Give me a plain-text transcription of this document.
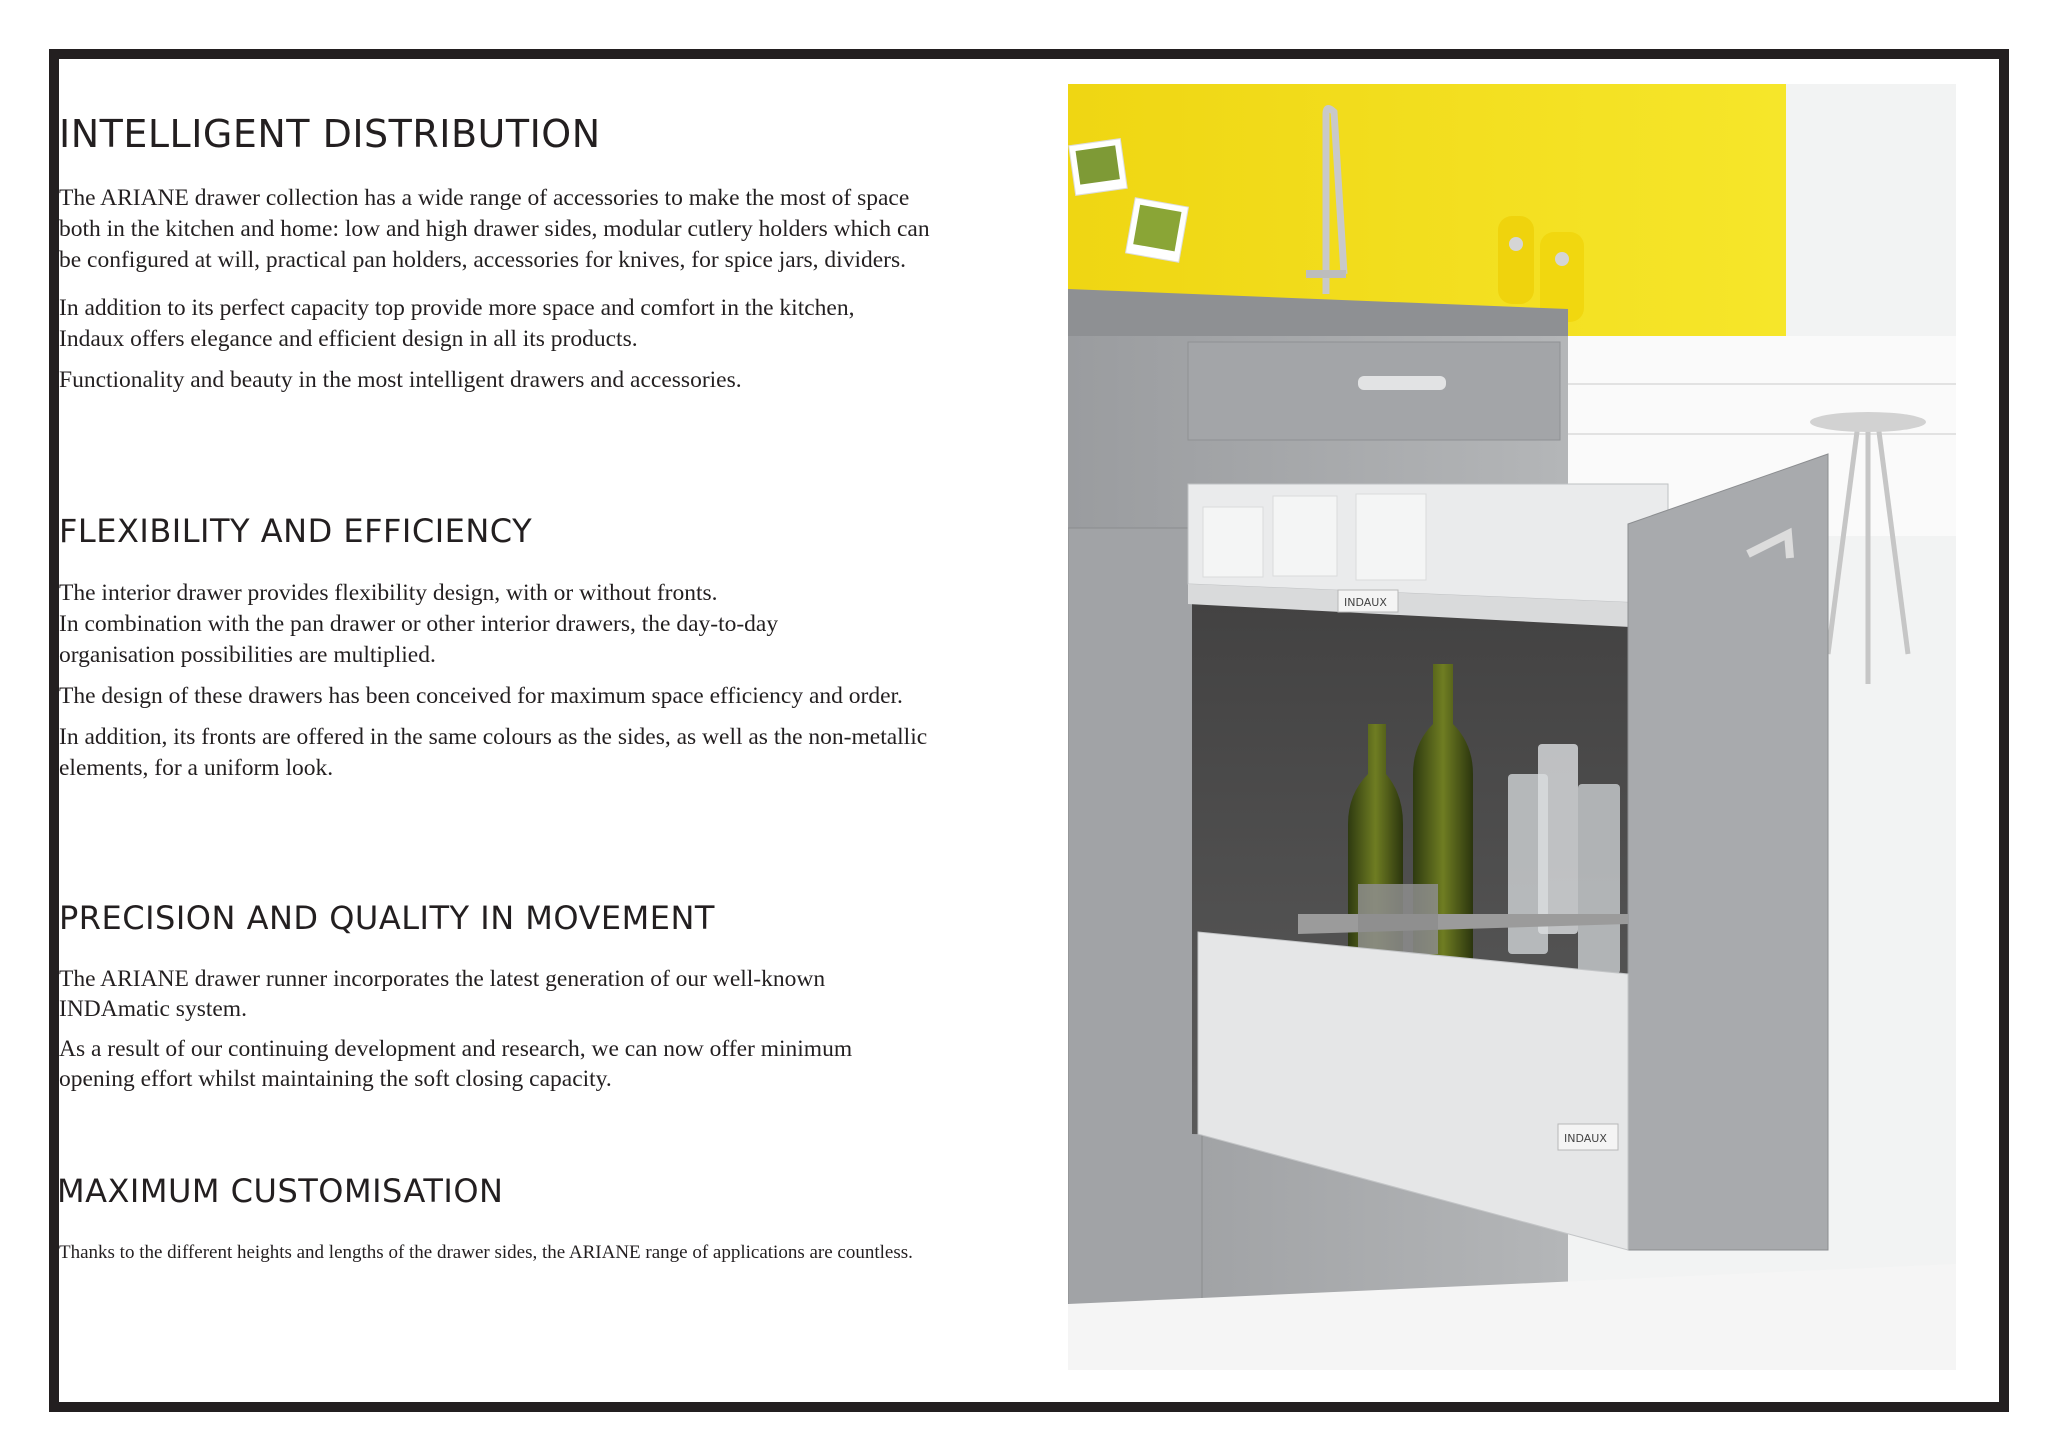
INTELLIGENT DISTRIBUTION

The ARIANE drawer collection has a wide range of accessories to make the most of space both in the kitchen and home: low and high drawer sides, modular cutlery holders which can be configured at will, practical pan holders, accessories for knives, for spice jars, dividers.

In addition to its perfect capacity top provide more space and comfort in the kitchen, Indaux offers elegance and efficient design in all its products.

Functionality and beauty in the most intelligent drawers and accessories.

FLEXIBILITY AND EFFICIENCY

The interior drawer provides flexibility design, with or without fronts.

In combination with the pan drawer or other interior drawers, the day-to-day organisation possibilities are multiplied.

The design of these drawers has been conceived for maximum space efficiency and order.

In addition, its fronts are offered in the same colours as the sides, as well as the non-metallic elements, for a uniform look.

PRECISION AND QUALITY IN MOVEMENT

The ARIANE drawer runner incorporates the latest generation of our well-known INDAmatic system.

As a result of our continuing development and research, we can now offer minimum opening effort whilst maintaining the soft closing capacity.

MAXIMUM CUSTOMISATION

Thanks to the different heights and lengths of the drawer sides, the ARIANE range of applications are countless.

INDAUX
INDAUX
